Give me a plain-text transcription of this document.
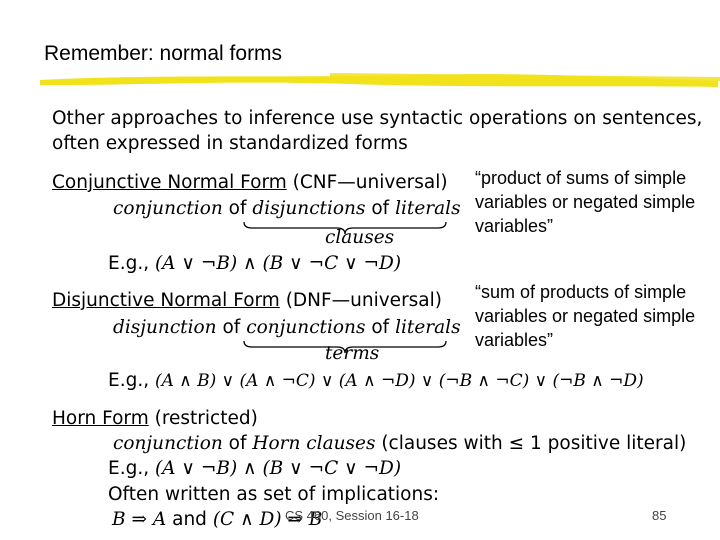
Remember: normal forms
Other approaches to inference use syntactic operations on sentences,
often expressed in standardized forms
Conjunctive Normal Form (CNF—universal)
conjunction of disjunctions of literals
clauses
E.g., (A ∨ ¬B) ∧ (B ∨ ¬C ∨ ¬D)
“product of sums of simple variables or negated simple variables”
Disjunctive Normal Form (DNF—universal)
disjunction of conjunctions of literals
terms
E.g., (A ∧ B) ∨ (A ∧ ¬C) ∨ (A ∧ ¬D) ∨ (¬B ∧ ¬C) ∨ (¬B ∧ ¬D)
“sum of products of simple variables or negated simple variables”
Horn Form (restricted)
conjunction of Horn clauses (clauses with ≤ 1 positive literal)
E.g., (A ∨ ¬B) ∧ (B ∨ ¬C ∨ ¬D)
Often written as set of implications:
B ⇒ A and (C ∧ D) ⇒ B
CS 460, Session 16-18	85
